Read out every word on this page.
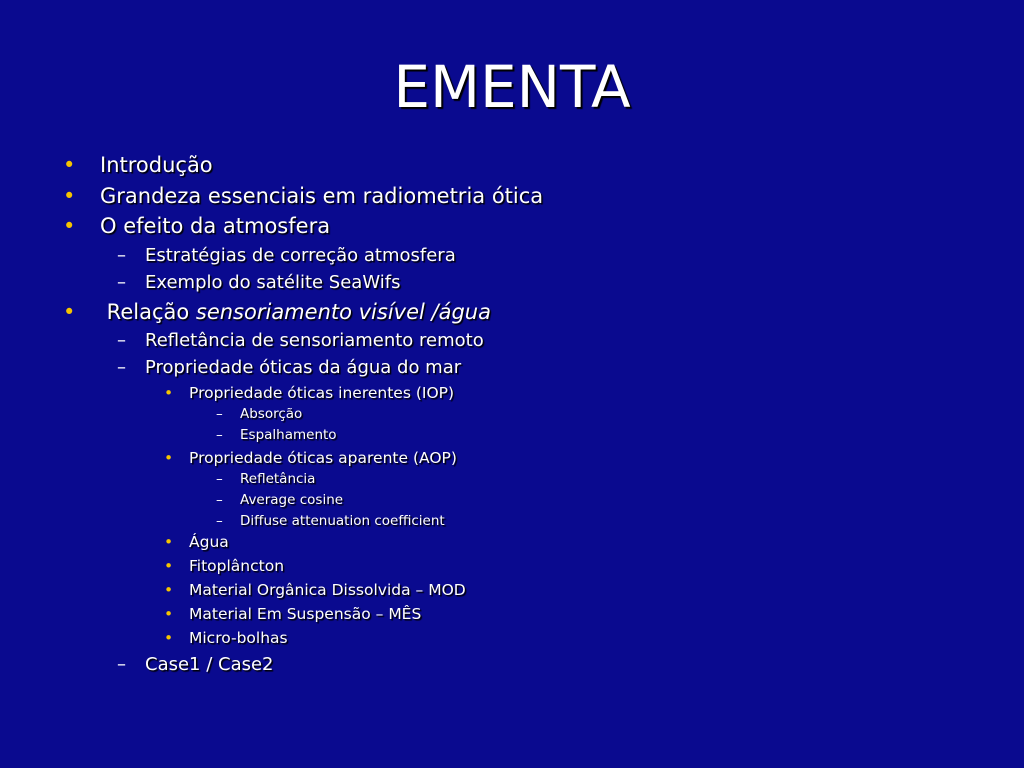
EMENTA
• Introdução
• Grandeza essenciais em radiometria ótica
• O efeito da atmosfera
– Estratégias de correção atmosfera
– Exemplo do satélite SeaWifs
• Relação sensoriamento visível /água
– Refletância de sensoriamento remoto
– Propriedade óticas da água do mar
• Propriedade óticas inerentes (IOP)
– Absorção
– Espalhamento
• Propriedade óticas aparente (AOP)
– Refletância
– Average cosine
– Diffuse attenuation coefficient
• Água
• Fitoplâncton
• Material Orgânica Dissolvida – MOD
• Material Em Suspensão – MÊS
• Micro-bolhas
– Case1 / Case2
